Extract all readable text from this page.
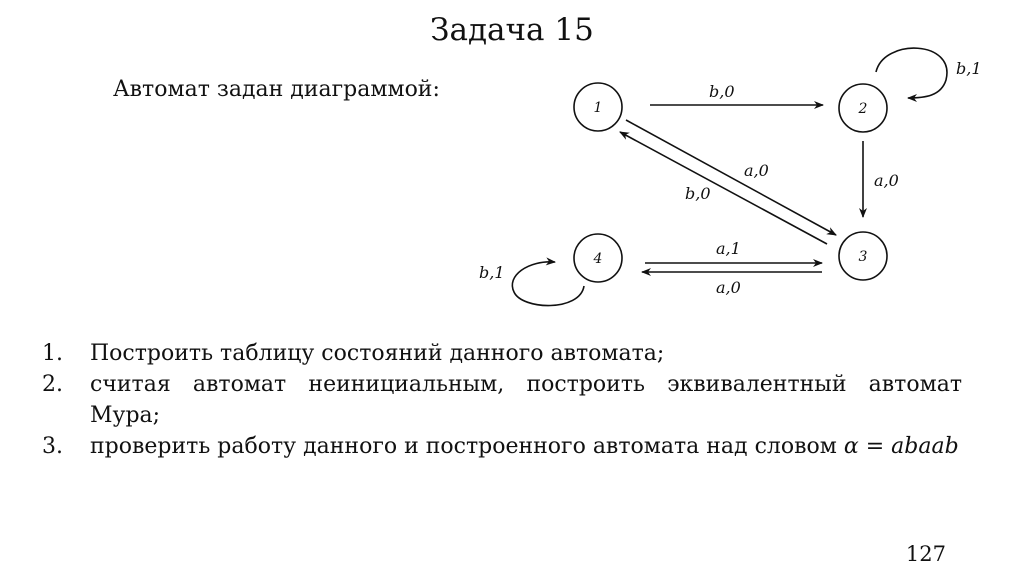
Задача 15
Автомат задан диаграммой:	b,0
b,1
a,0
b,0
a,0
a,1
a,0
b,1
1	2
3
4
1.	Построить таблицу состояний данного автомата;
2.	считая автомат неинициальным, построить эквивалентный автомат
Мура;
3.	проверить работу данного и построенного автомата над словом α = abaab
127
